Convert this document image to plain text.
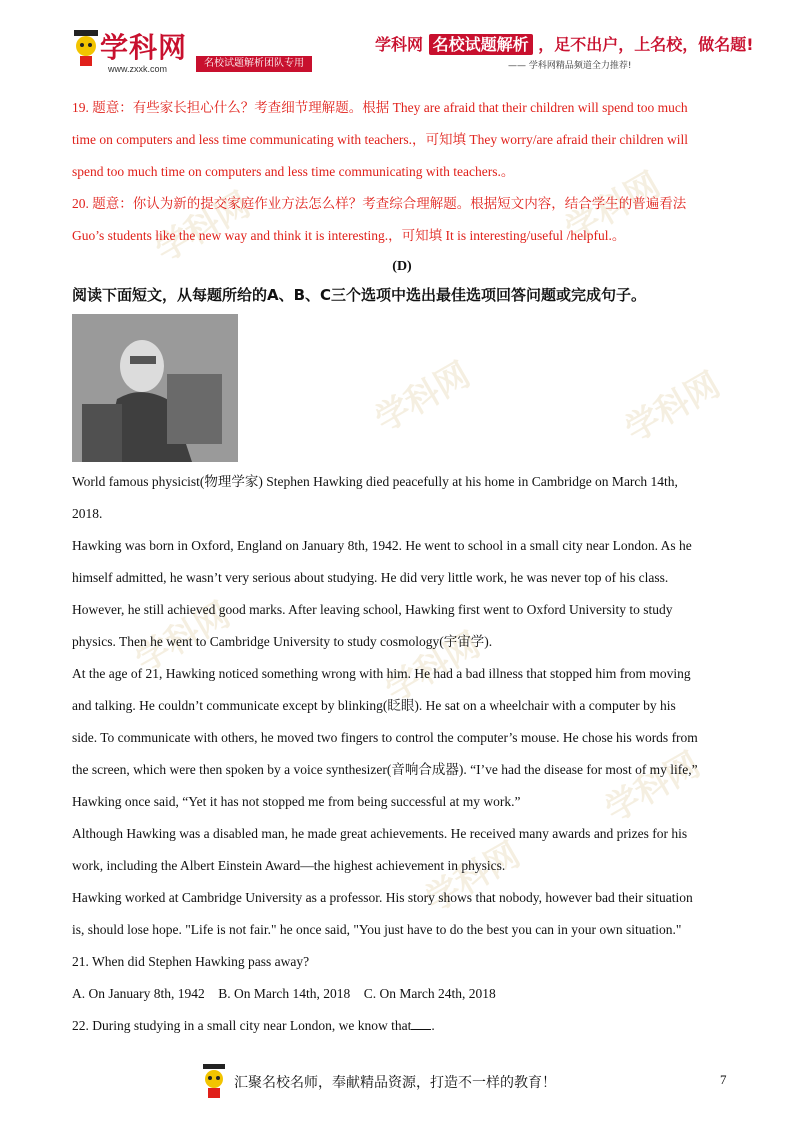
学科网
www.zxxk.com	名校试题解析团队专用
学科网 名校试题解析 ，足不出户，上名校，做名题!
—— 学科网精品频道全力推荐!
学科网	学科网
学科网	学科网
学科网	学科网
学科网
学科网

19. 题意：有些家长担心什么？考查细节理解题。根据 They are afraid that their children will spend too much

time on computers and less time communicating with teachers.，可知填 They worry/are afraid their children will

spend too much time on computers and less time communicating with teachers.。

20. 题意：你认为新的提交家庭作业方法怎么样？考查综合理解题。根据短文内容，结合学生的普遍看法

Guo’s students like the new way and think it is interesting.，可知填 It is interesting/useful /helpful.。

(D)
阅读下面短文，从每题所给的A、B、C三个选项中选出最佳选项回答问题或完成句子。

World famous physicist(物理学家) Stephen Hawking died peacefully at his home in Cambridge on March 14th,

2018.

Hawking was born in Oxford, England on January 8th, 1942. He went to school in a small city near London. As he

himself admitted, he wasn’t very serious about studying. He did very little work, he was never top of his class.

However, he still achieved good marks. After leaving school, Hawking first went to Oxford University to study

physics. Then he went to Cambridge University to study cosmology(宇宙学).

At the age of 21, Hawking noticed something wrong with him. He had a bad illness that stopped him from moving

and talking. He couldn’t communicate except by blinking(眨眼). He sat on a wheelchair with a computer by his

side. To communicate with others, he moved two fingers to control the computer’s mouse. He chose his words from

the screen, which were then spoken by a voice synthesizer(音响合成器). “I’ve had the disease for most of my life,”

Hawking once said, “Yet it has not stopped me from being successful at my work.”

Although Hawking was a disabled man, he made great achievements. He received many awards and prizes for his

work, including the Albert Einstein Award—the highest achievement in physics.

Hawking worked at Cambridge University as a professor. His story shows that nobody, however bad their situation

is, should lose hope. "Life is not fair." he once said, "You just have to do the best you can in your own situation."

21. When did Stephen Hawking pass away?

A. On January 8th, 1942    B. On March 14th, 2018    C. On March 24th, 2018

22. During studying in a small city near London, we know that .

汇聚名校名师，奉献精品资源，打造不一样的教育！	7
